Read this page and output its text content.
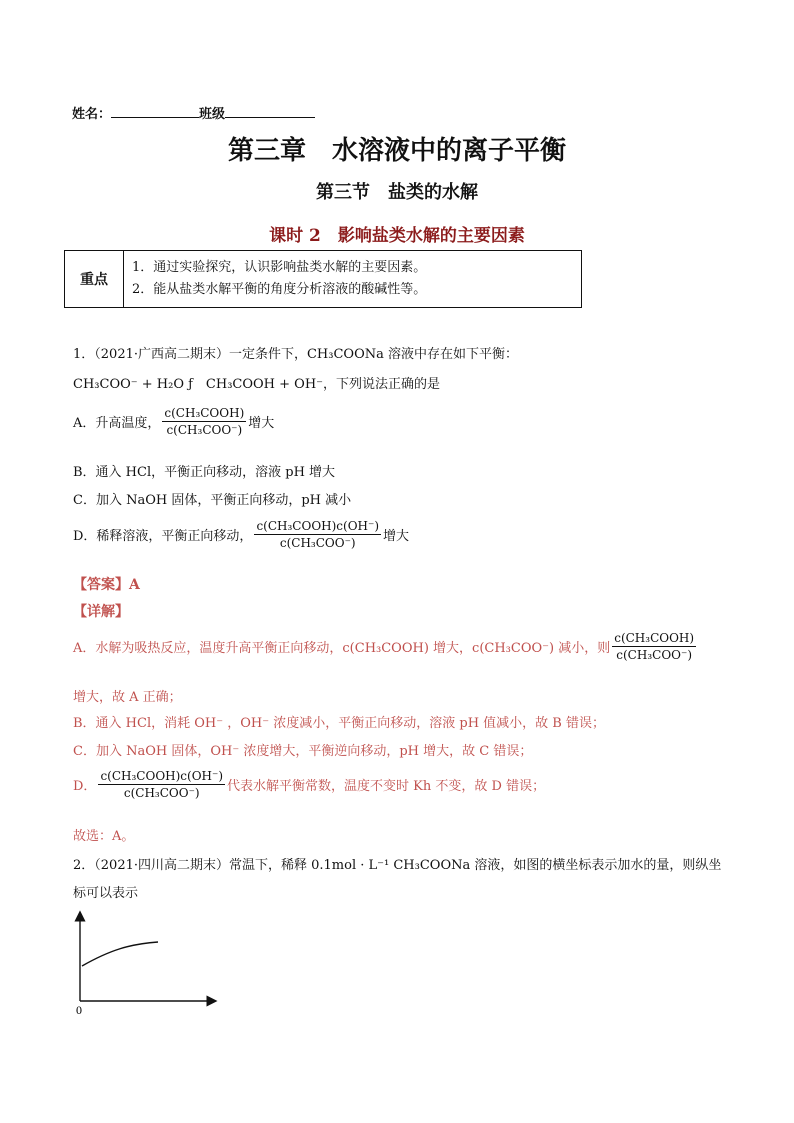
姓名：	班级
第三章　水溶液中的离子平衡
第三节　盐类的水解
课时 2　影响盐类水解的主要因素
重点	
1．通过实验探究，认识影响盐类水解的主要因素。
2．能从盐类水解平衡的角度分析溶液的酸碱性等。
1．（2021·广西高二期末）一定条件下，CH₃COONa 溶液中存在如下平衡：
CH₃COO⁻ + H₂O ƒ　CH₃COOH + OH⁻，下列说法正确的是
A．升高温度， $\frac{\text{c(CH₃COOH)}}{\text{c(CH₃COO⁻)}}$ 增大
B．通入 HCl，平衡正向移动，溶液 pH 增大
C．加入 NaOH 固体，平衡正向移动，pH 减小
D．稀释溶液，平衡正向移动， $\frac{\text{c(CH₃COOH)c(OH⁻)}}{\text{c(CH₃COO⁻)}}$ 增大
【答案】A
【详解】
A．水解为吸热反应，温度升高平衡正向移动，c(CH₃COOH) 增大，c(CH₃COO⁻) 减小，则 $\frac{\text{c(CH₃COOH)}}{\text{c(CH₃COO⁻)}}$
增大，故 A 正确；
B．通入 HCl，消耗 OH⁻ ，OH⁻ 浓度减小，平衡正向移动，溶液 pH 值减小，故 B 错误；
C．加入 NaOH 固体，OH⁻ 浓度增大，平衡逆向移动，pH 增大，故 C 错误；
D． $\frac{\text{c(CH₃COOH)c(OH⁻)}}{\text{c(CH₃COO⁻)}}$ 代表水解平衡常数，温度不变时 Kh 不变，故 D 错误；
故选：A。
2．（2021·四川高二期末）常温下，稀释 0.1mol · L⁻¹ CH₃COONa 溶液，如图的横坐标表示加水的量，则纵坐
标可以表示
0
